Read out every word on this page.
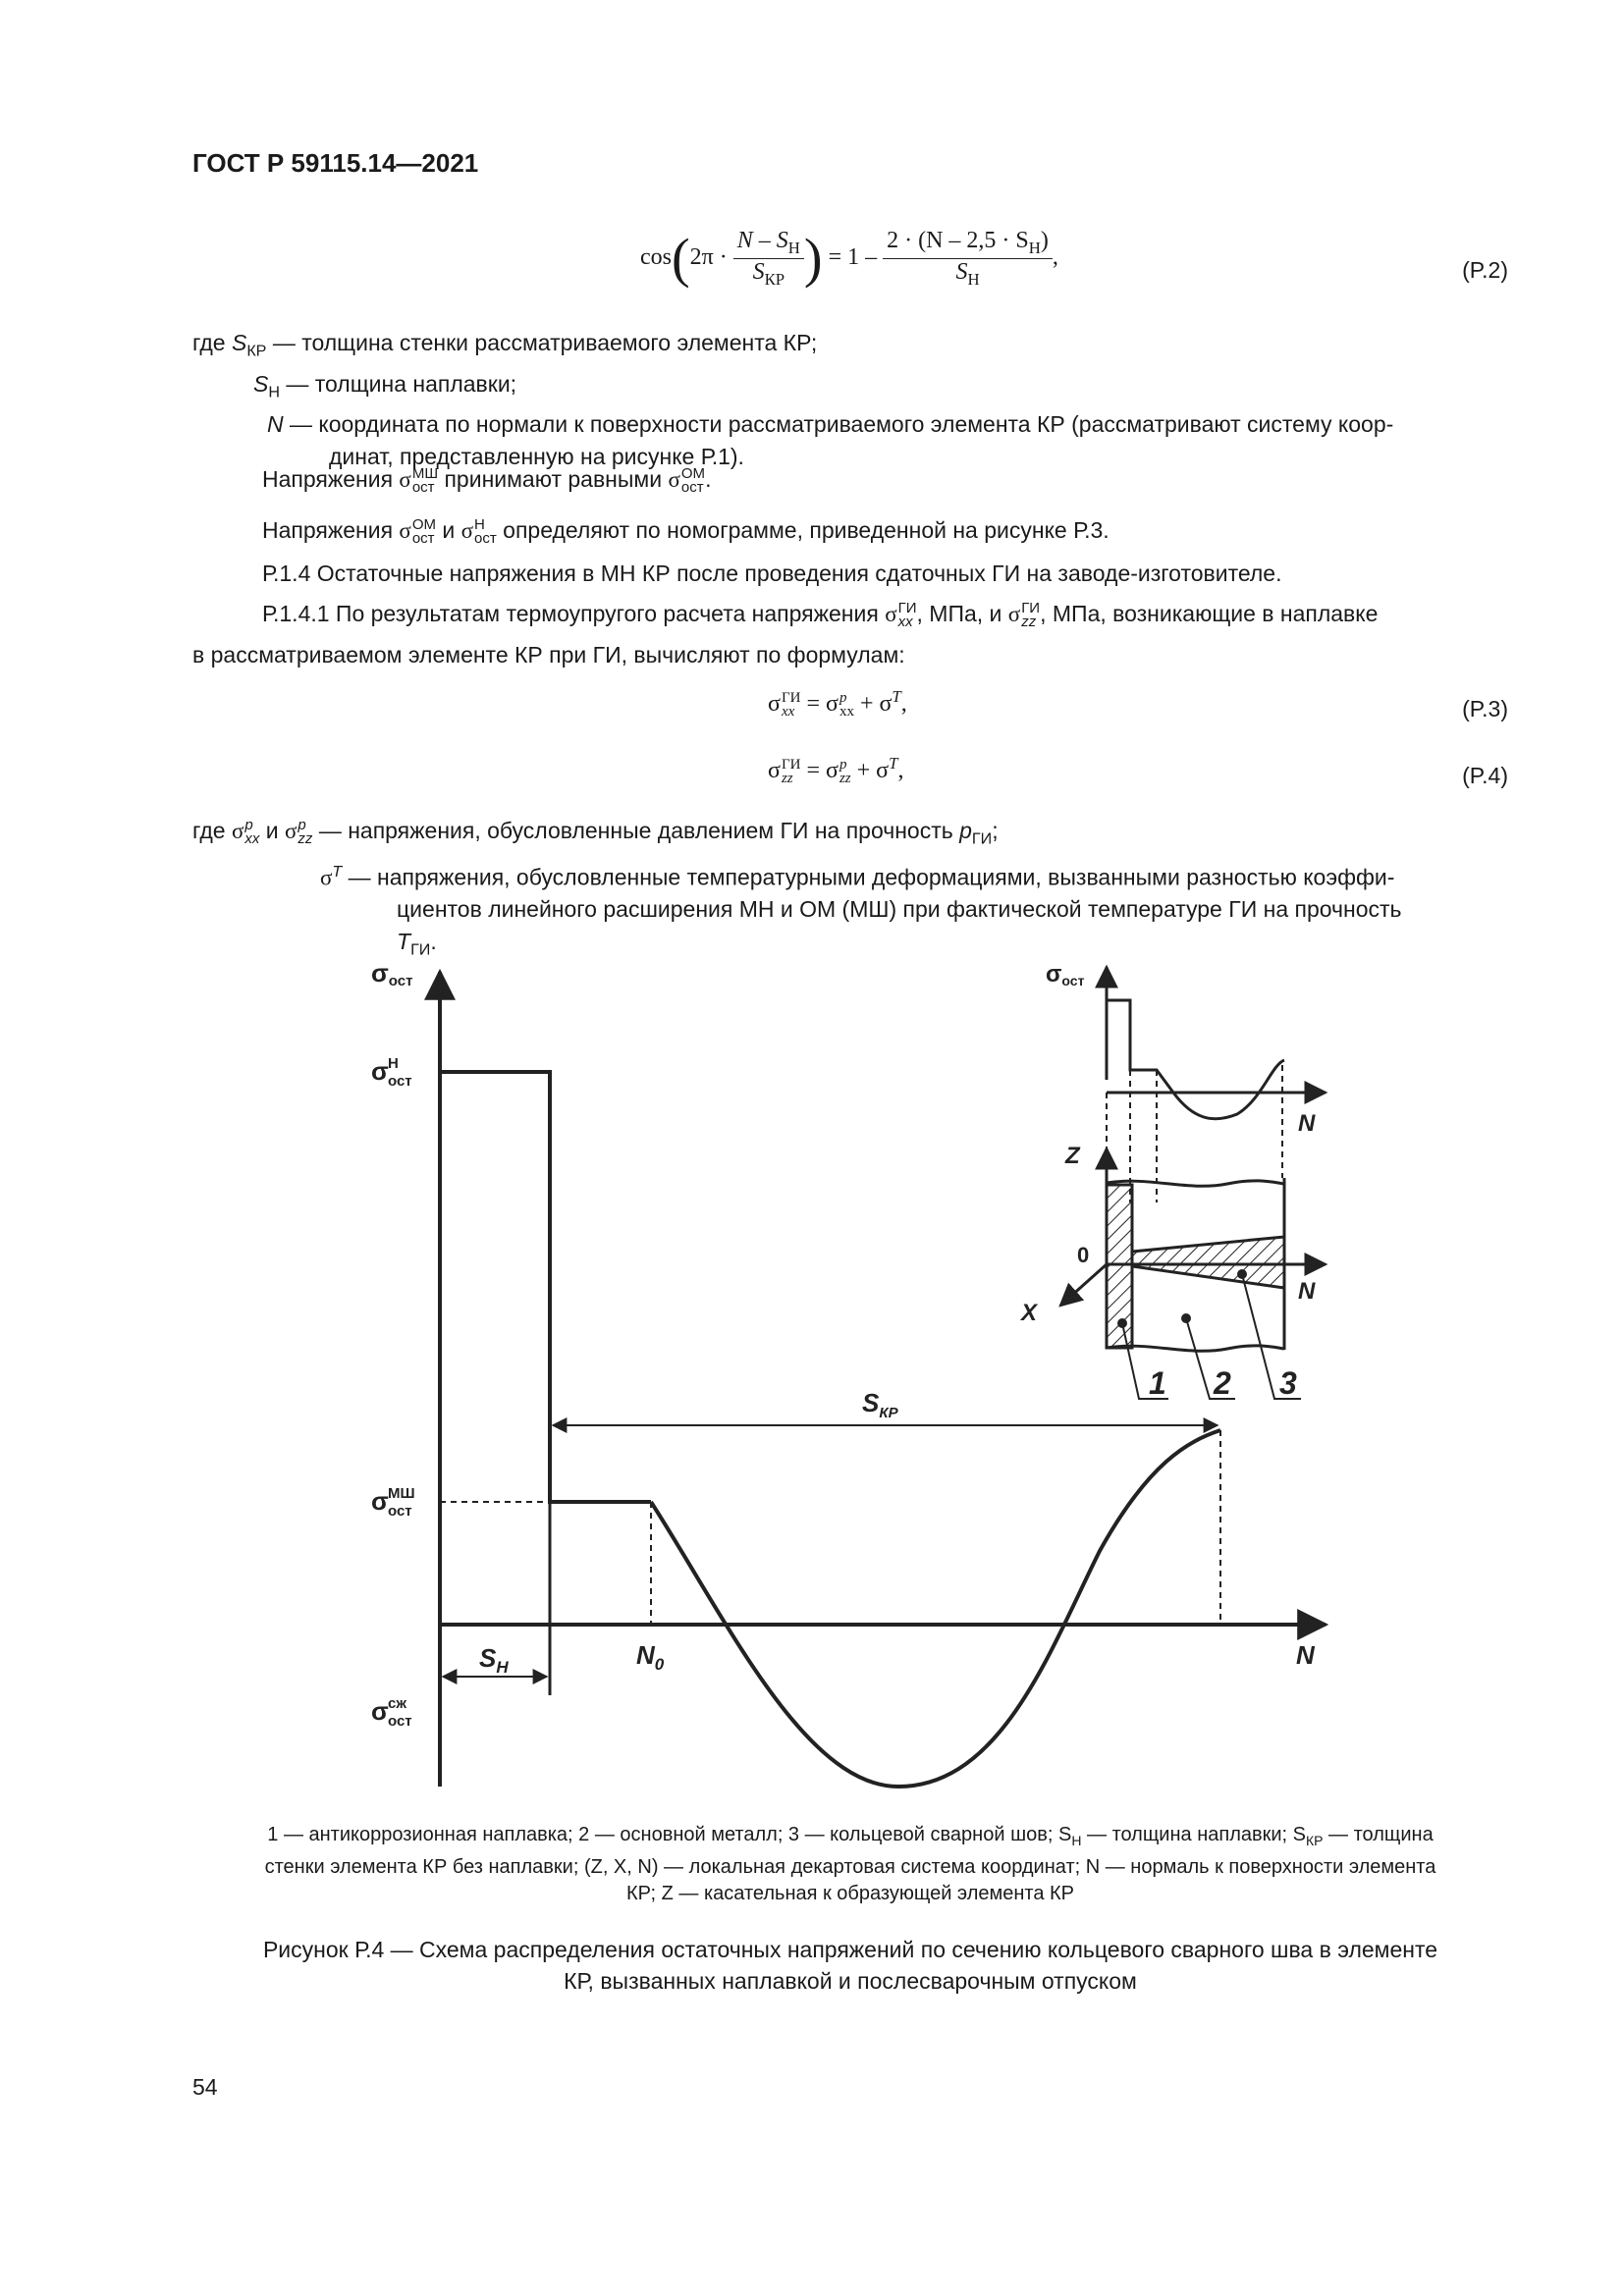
ГОСТ Р 59115.14—2021
$\cos(2\pi \cdot \frac{N - S_Н}{S_{КР}}$ ) = $1 - \frac{2 \cdot (N - 2,5 \cdot S_Н)}{S_Н}$ ,
(P.2)
где $S_{КР}$ — толщина стенки рассматриваемого элемента КР;
$S_Н$ — толщина наплавки;
N — координата по нормали к поверхности рассматриваемого элемента КР (рассматривают систему коор-
динат, представленную на рисунке Р.1).
Напряжения σМШ
ост принимают равными σОМ
ост.
Напряжения σОМ
ост и σН
ост определяют по номограмме, приведенной на рисунке Р.3.
Р.1.4 Остаточные напряжения в МН КР после проведения сдаточных ГИ на заводе-изготовителе.
Р.1.4.1 По результатам термоупругого расчета напряжения σГИ
xx , МПа, и σГИ
zz , МПа, возникающие в наплавке
в рассматриваемом элементе КР при ГИ, вычисляют по формулам:
σГИ
xx = σp
xx + $\sigma^T$,	(P.3)
σГИ
zz = σp
zz + $\sigma^T$,	(P.4)
где σp
xx и σp
zz — напряжения, обусловленные давлением ГИ на прочность $p_{ГИ}$;
$\sigma^T$ — напряжения, обусловленные температурными деформациями, вызванными разностью коэффи-
циентов линейного расширения МН и ОМ (МШ) при фактической температуре ГИ на прочность
$T_{ГИ}$.
σост
σ Н
ост
σ МШ
ост
σ сж
ост
$S_{КР}$
$S_Н$	$N_0$	N
σост
N
Z
0
N
X
1 2 3
1 — антикоррозионная наплавка; 2 — основной металл; 3 — кольцевой сварной шов; $S_Н$ — толщина наплавки; $S_{КР}$ — толщина
стенки элемента КР без наплавки; (Z, X, N) — локальная декартовая система координат; N — нормаль к поверхности элемента
КР; Z — касательная к образующей элемента КР
Рисунок Р.4 — Схема распределения остаточных напряжений по сечению кольцевого сварного шва в элементе
КР, вызванных наплавкой и послесварочным отпуском
54
